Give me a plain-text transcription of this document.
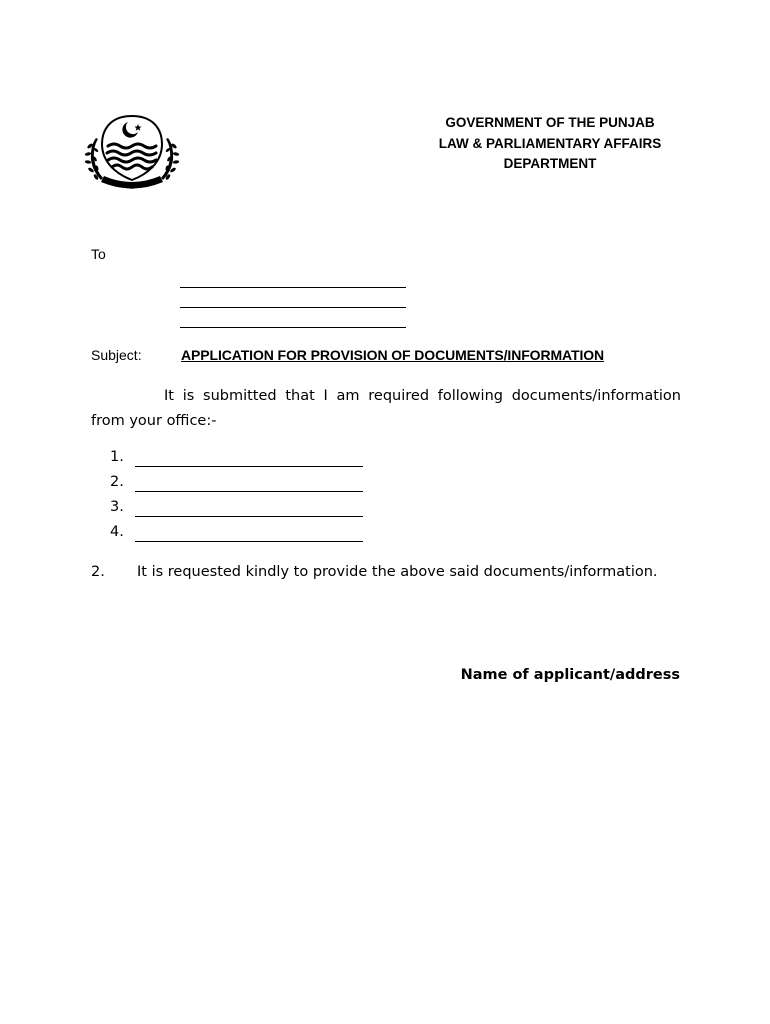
GOVERNMENT OF THE PUNJAB
LAW & PARLIAMENTARY AFFAIRS
DEPARTMENT
To
Subject:	APPLICATION FOR PROVISION OF DOCUMENTS/INFORMATION
It is submitted that I am required following documents/information
from your office:-
1.
2.
3.
4.
2. It is requested kindly to provide the above said documents/information.
Name of applicant/address
